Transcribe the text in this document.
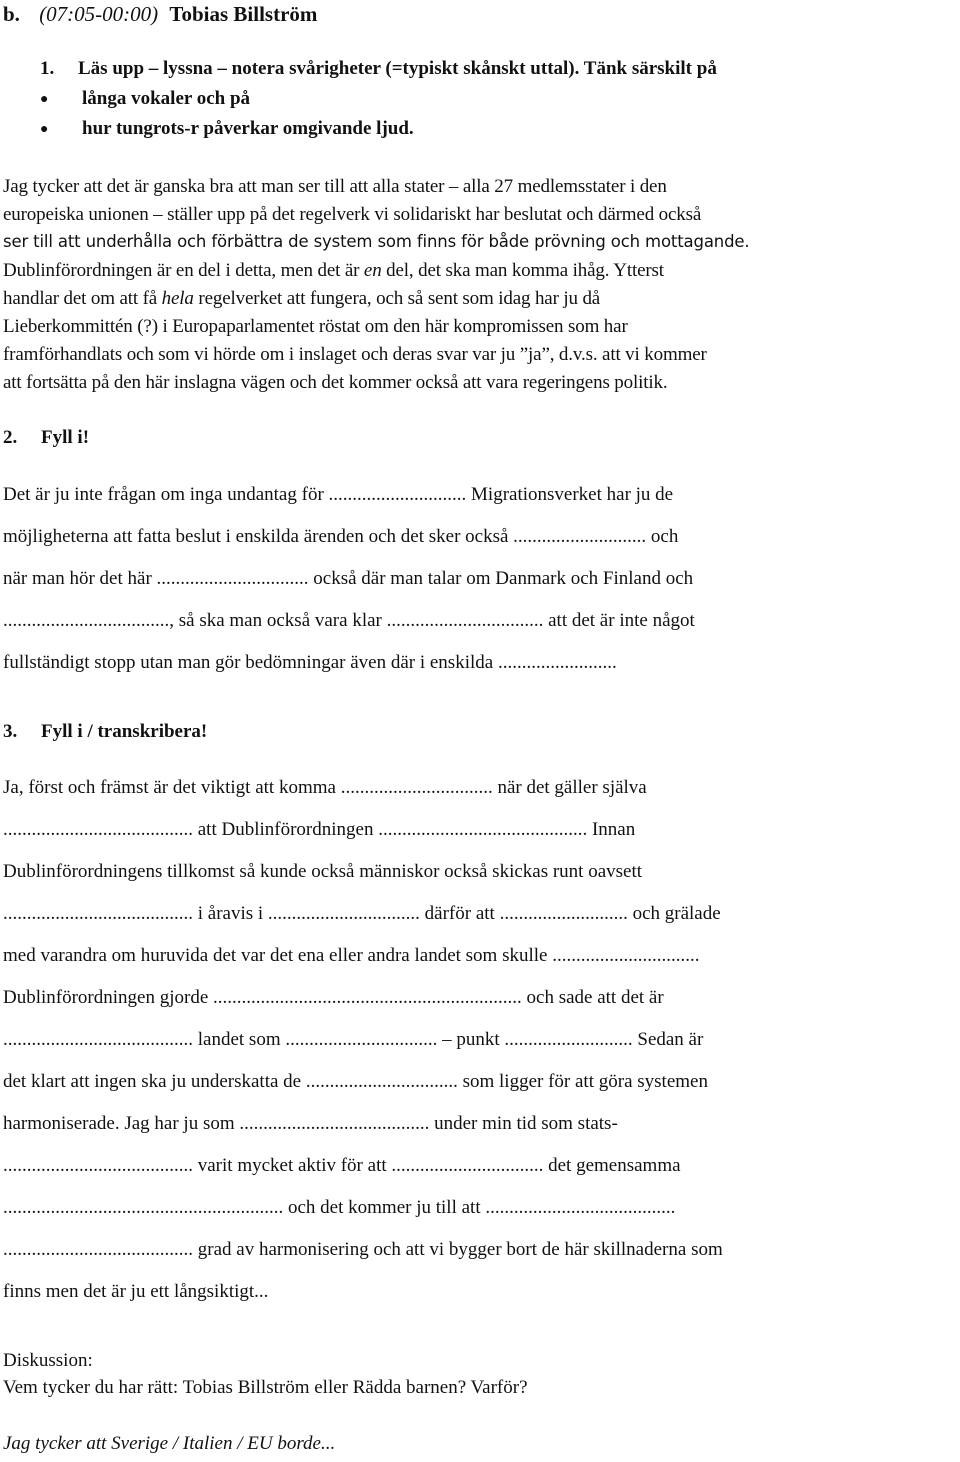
b. (07:05-00:00) Tobias Billström
1. Läs upp – lyssna – notera svårigheter (=typiskt skånskt uttal). Tänk särskilt på
● långa vokaler och på
● hur tungrots-r påverkar omgivande ljud.
Jag tycker att det är ganska bra att man ser till att alla stater – alla 27 medlemsstater i den
europeiska unionen – ställer upp på det regelverk vi solidariskt har beslutat och därmed också
ser till att underhålla och förbättra de system som finns för både prövning och mottagande.
Dublinförordningen är en del i detta, men det är en del, det ska man komma ihåg. Ytterst
handlar det om att få hela regelverket att fungera, och så sent som idag har ju då
Lieberkommittén (?) i Europaparlamentet röstat om den här kompromissen som har
framförhandlats och som vi hörde om i inslaget och deras svar var ju ”ja”, d.v.s. att vi kommer
att fortsätta på den här inslagna vägen och det kommer också att vara regeringens politik.
2. Fyll i!
Det är ju inte frågan om inga undantag för ............................. Migrationsverket har ju de
möjligheterna att fatta beslut i enskilda ärenden och det sker också ............................ och
när man hör det här ................................ också där man talar om Danmark och Finland och
..................................., så ska man också vara klar ................................. att det är inte något
fullständigt stopp utan man gör bedömningar även där i enskilda .........................
3. Fyll i / transkribera!
Ja, först och främst är det viktigt att komma ................................ när det gäller själva
........................................ att Dublinförordningen ............................................ Innan
Dublinförordningens tillkomst så kunde också människor också skickas runt oavsett
........................................ i åravis i ................................ därför att ........................... och grälade
med varandra om huruvida det var det ena eller andra landet som skulle ...............................
Dublinförordningen gjorde ................................................................. och sade att det är
........................................ landet som ................................ – punkt ........................... Sedan är
det klart att ingen ska ju underskatta de ................................ som ligger för att göra systemen
harmoniserade. Jag har ju som ........................................ under min tid som stats-
........................................ varit mycket aktiv för att ................................ det gemensamma
........................................................... och det kommer ju till att ........................................
........................................ grad av harmonisering och att vi bygger bort de här skillnaderna som
finns men det är ju ett långsiktigt...
Diskussion:
Vem tycker du har rätt: Tobias Billström eller Rädda barnen? Varför?
Jag tycker att Sverige / Italien / EU borde...
